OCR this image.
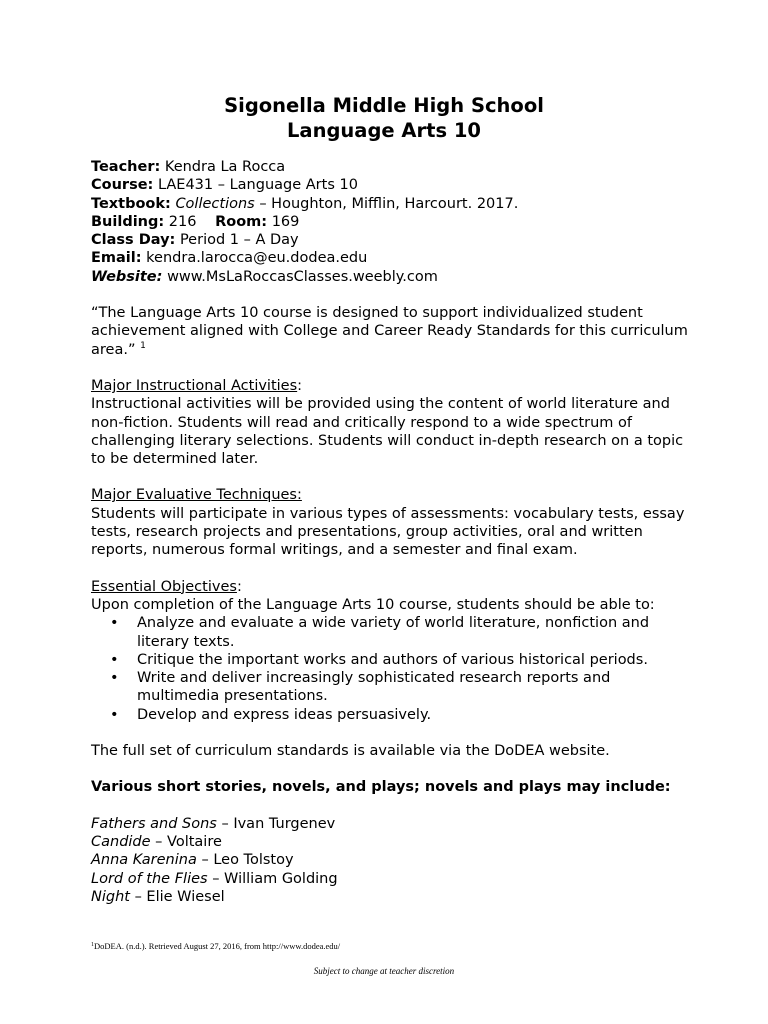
Sigonella Middle High School
Language Arts 10
Teacher: Kendra La Rocca
Course: LAE431 – Language Arts 10
Textbook: Collections – Houghton, Mifflin, Harcourt. 2017.
Building: 216 Room: 169
Class Day: Period 1 – A Day
Email: kendra.larocca@eu.dodea.edu
Website: www.MsLaRoccasClasses.weebly.com
“The Language Arts 10 course is designed to support individualized student achievement aligned with College and Career Ready Standards for this curriculum area.” $^1$
Major Instructional Activities:
Instructional activities will be provided using the content of world literature and non-fiction. Students will read and critically respond to a wide spectrum of challenging literary selections. Students will conduct in-depth research on a topic to be determined later.
Major Evaluative Techniques:
Students will participate in various types of assessments: vocabulary tests, essay tests, research projects and presentations, group activities, oral and written reports, numerous formal writings, and a semester and final exam.
Essential Objectives:
Upon completion of the Language Arts 10 course, students should be able to:
• Analyze and evaluate a wide variety of world literature, nonfiction and literary texts.
• Critique the important works and authors of various historical periods.
• Write and deliver increasingly sophisticated research reports and multimedia presentations.
• Develop and express ideas persuasively.
The full set of curriculum standards is available via the DoDEA website.
Various short stories, novels, and plays; novels and plays may include:
Fathers and Sons – Ivan Turgenev
Candide – Voltaire
Anna Karenina – Leo Tolstoy
Lord of the Flies – William Golding
Night – Elie Wiesel
$^1$DoDEA. (n.d.). Retrieved August 27, 2016, from http://www.dodea.edu/
Subject to change at teacher discretion
